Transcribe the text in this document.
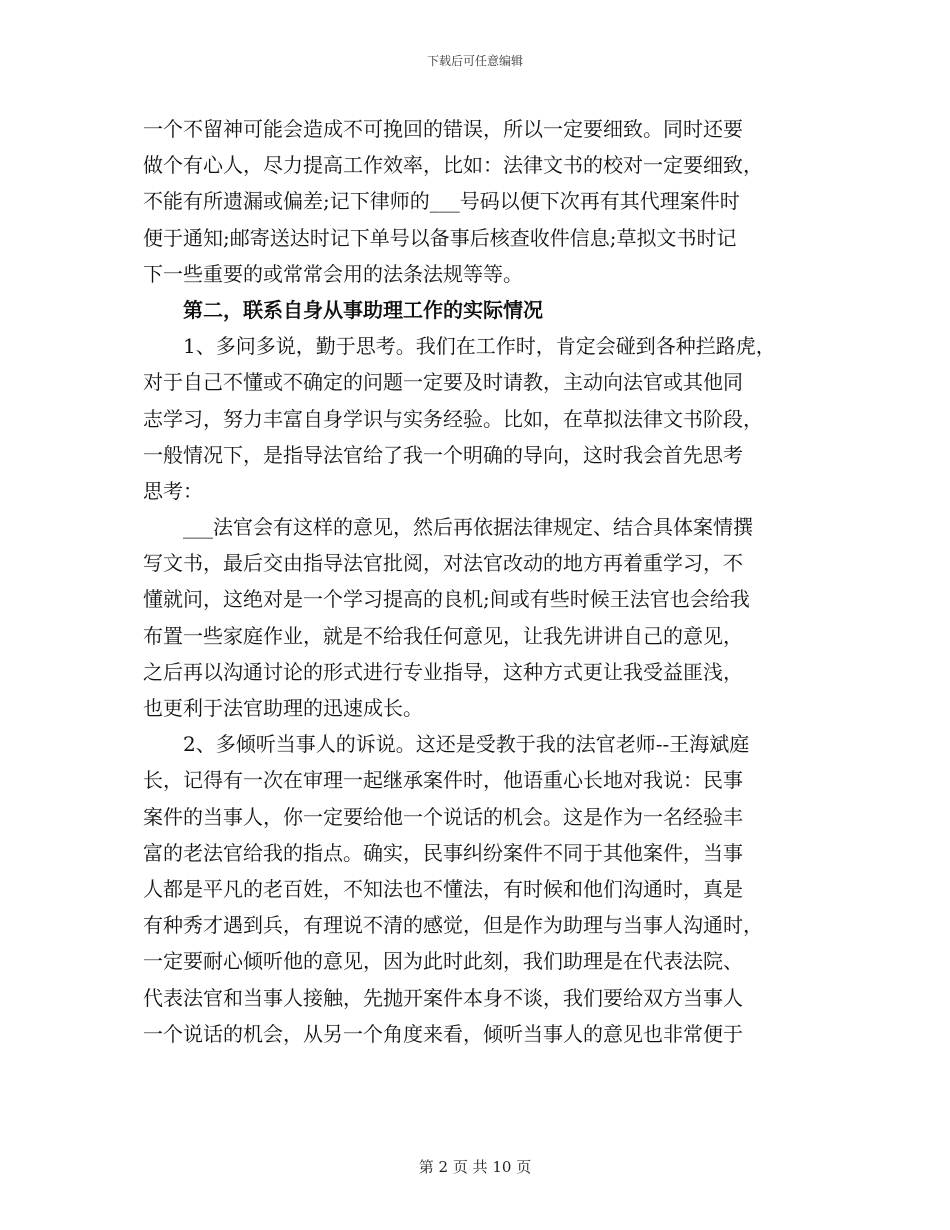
下载后可任意编辑
一个不留神可能会造成不可挽回的错误，所以一定要细致。同时还要
做个有心人，尽力提高工作效率，比如：法律文书的校对一定要细致，
不能有所遗漏或偏差;记下律师的___号码以便下次再有其代理案件时
便于通知;邮寄送达时记下单号以备事后核查收件信息;草拟文书时记
下一些重要的或常常会用的法条法规等等。
　　第二，联系自身从事助理工作的实际情况
　　1、多问多说，勤于思考。我们在工作时，肯定会碰到各种拦路虎，
对于自己不懂或不确定的问题一定要及时请教，主动向法官或其他同
志学习，努力丰富自身学识与实务经验。比如，在草拟法律文书阶段，
一般情况下，是指导法官给了我一个明确的导向，这时我会首先思考
思考：
　　___法官会有这样的意见，然后再依据法律规定、结合具体案情撰
写文书，最后交由指导法官批阅，对法官改动的地方再着重学习，不
懂就问，这绝对是一个学习提高的良机;间或有些时候王法官也会给我
布置一些家庭作业，就是不给我任何意见，让我先讲讲自己的意见，
之后再以沟通讨论的形式进行专业指导，这种方式更让我受益匪浅，
也更利于法官助理的迅速成长。
　　2、多倾听当事人的诉说。这还是受教于我的法官老师--王海斌庭
长，记得有一次在审理一起继承案件时，他语重心长地对我说：民事
案件的当事人，你一定要给他一个说话的机会。这是作为一名经验丰
富的老法官给我的指点。确实，民事纠纷案件不同于其他案件，当事
人都是平凡的老百姓，不知法也不懂法，有时候和他们沟通时，真是
有种秀才遇到兵，有理说不清的感觉，但是作为助理与当事人沟通时，
一定要耐心倾听他的意见，因为此时此刻，我们助理是在代表法院、
代表法官和当事人接触，先抛开案件本身不谈，我们要给双方当事人
一个说话的机会，从另一个角度来看，倾听当事人的意见也非常便于
第 2 页 共 10 页
